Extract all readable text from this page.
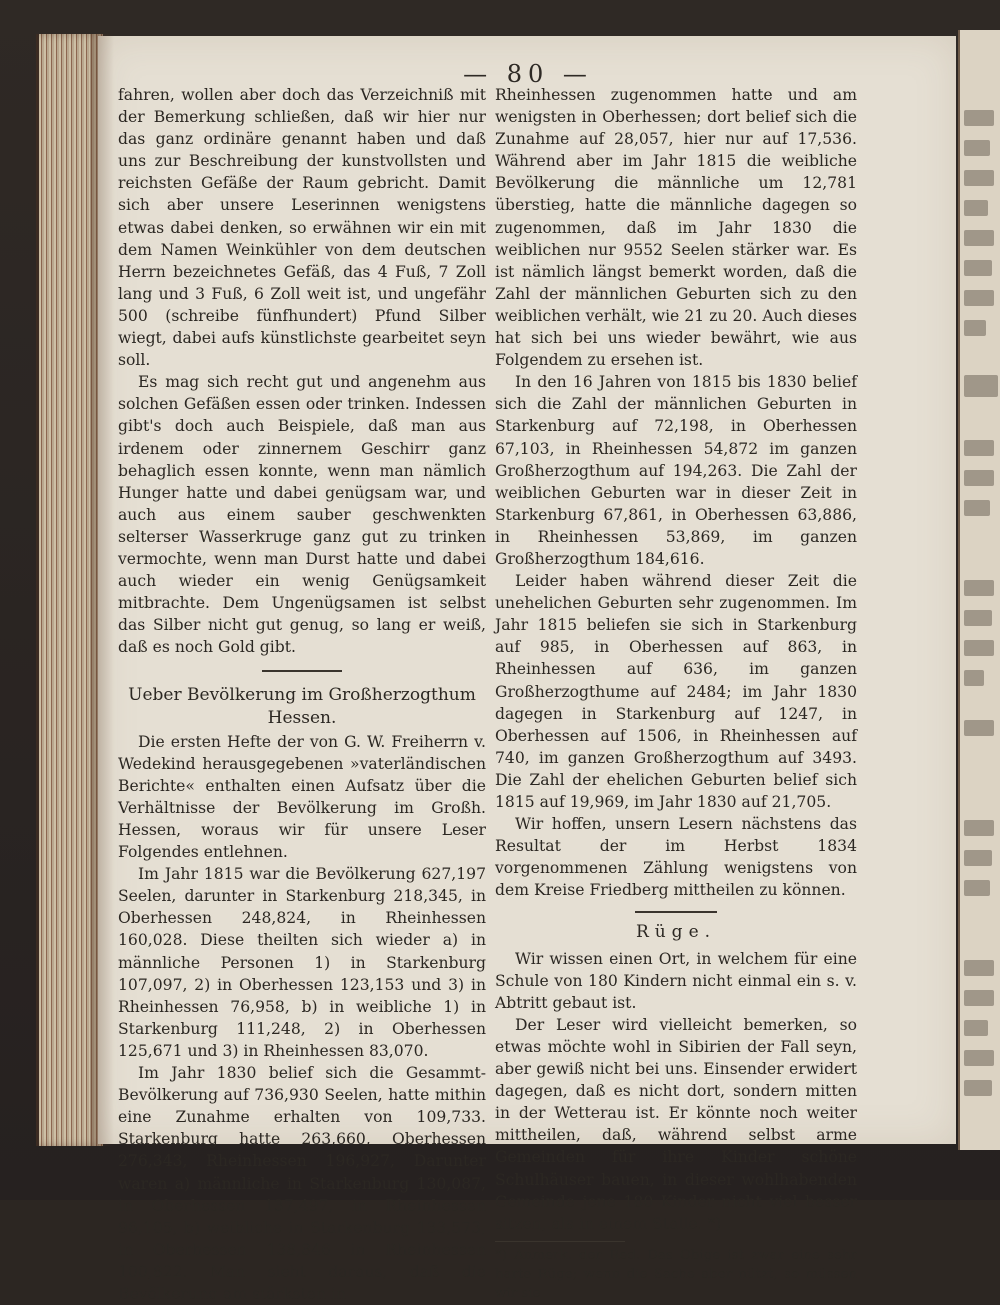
— 80 —

fahren, wollen aber doch das Verzeichniß mit der Bemerkung schließen, daß wir hier nur das ganz ordinäre genannt haben und daß uns zur Beschreibung der kunstvollsten und reichsten Gefäße der Raum gebricht. Damit sich aber unsere Leserinnen wenigstens etwas dabei denken, so erwähnen wir ein mit dem Namen Weinkühler von dem deutschen Herrn bezeichnetes Gefäß, das 4 Fuß, 7 Zoll lang und 3 Fuß, 6 Zoll weit ist, und ungefähr 500 (schreibe fünfhundert) Pfund Silber wiegt, dabei aufs künstlichste gearbeitet seyn soll.

Es mag sich recht gut und angenehm aus solchen Gefäßen essen oder trinken. Indessen gibt's doch auch Beispiele, daß man aus irdenem oder zinnernem Geschirr ganz behaglich essen konnte, wenn man nämlich Hunger hatte und dabei genügsam war, und auch aus einem sauber geschwenkten selterser Wasserkruge ganz gut zu trinken vermochte, wenn man Durst hatte und dabei auch wieder ein wenig Genügsamkeit mitbrachte. Dem Ungenügsamen ist selbst das Silber nicht gut genug, so lang er weiß, daß es noch Gold gibt.

Ueber Bevölkerung im Großherzogthum Hessen.

Die ersten Hefte der von G. W. Freiherrn v. Wedekind herausgegebenen »vaterländischen Berichte« enthalten einen Aufsatz über die Verhältnisse der Bevölkerung im Großh. Hessen, woraus wir für unsere Leser Folgendes entlehnen.

Im Jahr 1815 war die Bevölkerung 627,197 Seelen, darunter in Starkenburg 218,345, in Oberhessen 248,824, in Rheinhessen 160,028. Diese theilten sich wieder a) in männliche Personen 1) in Starkenburg 107,097, 2) in Oberhessen 123,153 und 3) in Rheinhessen 76,958, b) in weibliche 1) in Starkenburg 111,248, 2) in Oberhessen 125,671 und 3) in Rheinhessen 83,070.

Im Jahr 1830 belief sich die Gesammt-Bevölkerung auf 736,930 Seelen, hatte mithin eine Zunahme erhalten von 109,733. Starkenburg hatte 263,660, Oberhessen 276,343, Rheinhessen 196,927, Darunter waren a) männliche in Starkenburg 130,087, in Oberhessen 137,497, in Rheinhessen 96,105, b) weibliche in Starkenburg 133,573, in Oberhessen 138,846 in Rheinhessen 100,822. Man sieht daraus, daß die Bevölkerung am stärksten in

Rheinhessen zugenommen hatte und am wenigsten in Oberhessen; dort belief sich die Zunahme auf 28,057, hier nur auf 17,536. Während aber im Jahr 1815 die weibliche Bevölkerung die männliche um 12,781 überstieg, hatte die männliche dagegen so zugenommen, daß im Jahr 1830 die weiblichen nur 9552 Seelen stärker war. Es ist nämlich längst bemerkt worden, daß die Zahl der männlichen Geburten sich zu den weiblichen verhält, wie 21 zu 20. Auch dieses hat sich bei uns wieder bewährt, wie aus Folgendem zu ersehen ist.

In den 16 Jahren von 1815 bis 1830 belief sich die Zahl der männlichen Geburten in Starkenburg auf 72,198, in Oberhessen 67,103, in Rheinhessen 54,872 im ganzen Großherzogthum auf 194,263. Die Zahl der weiblichen Geburten war in dieser Zeit in Starkenburg 67,861, in Oberhessen 63,886, in Rheinhessen 53,869, im ganzen Großherzogthum 184,616.

Leider haben während dieser Zeit die unehelichen Geburten sehr zugenommen. Im Jahr 1815 beliefen sie sich in Starkenburg auf 985, in Oberhessen auf 863, in Rheinhessen auf 636, im ganzen Großherzogthume auf 2484; im Jahr 1830 dagegen in Starkenburg auf 1247, in Oberhessen auf 1506, in Rheinhessen auf 740, im ganzen Großherzogthum auf 3493. Die Zahl der ehelichen Geburten belief sich 1815 auf 19,969, im Jahr 1830 auf 21,705.

Wir hoffen, unsern Lesern nächstens das Resultat der im Herbst 1834 vorgenommenen Zählung wenigstens von dem Kreise Friedberg mittheilen zu können.

Rüge.

Wir wissen einen Ort, in welchem für eine Schule von 180 Kindern nicht einmal ein s. v. Abtritt gebaut ist.

Der Leser wird vielleicht bemerken, so etwas möchte wohl in Sibirien der Fall seyn, aber gewiß nicht bei uns. Einsender erwidert dagegen, daß es nicht dort, sondern mitten in der Wetterau ist. Er könnte noch weiter mittheilen, daß, während selbst arme Gemeinden für ihre Kinder schöne Schulhäuser bauen, in dieser wohlhabenden Gemeinde jene 180 Kinder nicht viel besser sitzen, als in einem Stalle. *)

*) Anmerk. der Red. Das Obige ist zwar eine sehr harte Rüge; wenn die Sache aber nützt, so müssen wir sie
